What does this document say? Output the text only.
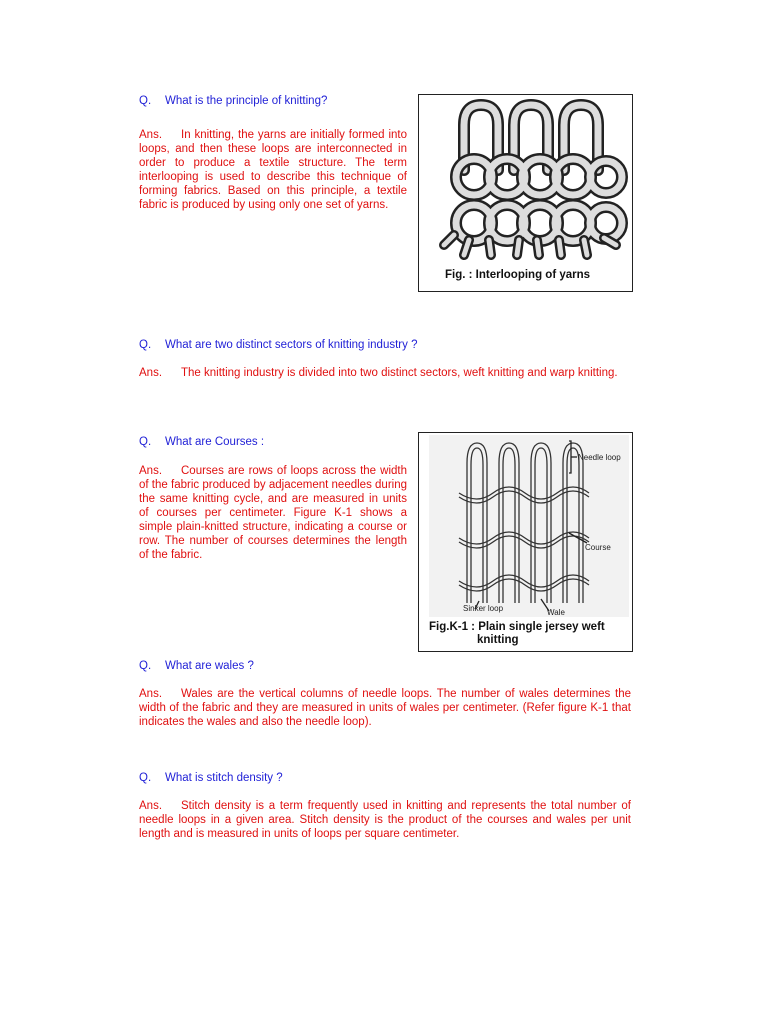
Q. What is the principle of knitting?
Ans. In knitting, the yarns are initially formed into loops, and then these loops are interconnected in order to produce a textile structure. The term interlooping is used to describe this technique of forming fabrics. Based on this principle, a textile fabric is produced by using only one set of yarns.
Fig. : Interlooping of yarns
Q. What are two distinct sectors of knitting industry ?
Ans. The knitting industry is divided into two distinct sectors, weft knitting and warp knitting.
Q. What are Courses :
Ans. Courses are rows of loops across the width of the fabric produced by adjacement needles during the same knitting cycle, and are measured in units of courses per centimeter. Figure K-1 shows a simple plain-knitted structure, indicating a course or row. The number of courses determines the length of the fabric.
Needle loop
Course
Sinker loop	Wale
Fig.K-1 : Plain single jersey weft
knitting
Q. What are wales ?
Ans. Wales are the vertical columns of needle loops. The number of wales determines the width of the fabric and they are measured in units of wales per centimeter. (Refer figure K-1 that indicates the wales and also the needle loop).
Q. What is stitch density ?
Ans. Stitch density is a term frequently used in knitting and represents the total number of needle loops in a given area. Stitch density is the product of the courses and wales per unit length and is measured in units of loops per square centimeter.
